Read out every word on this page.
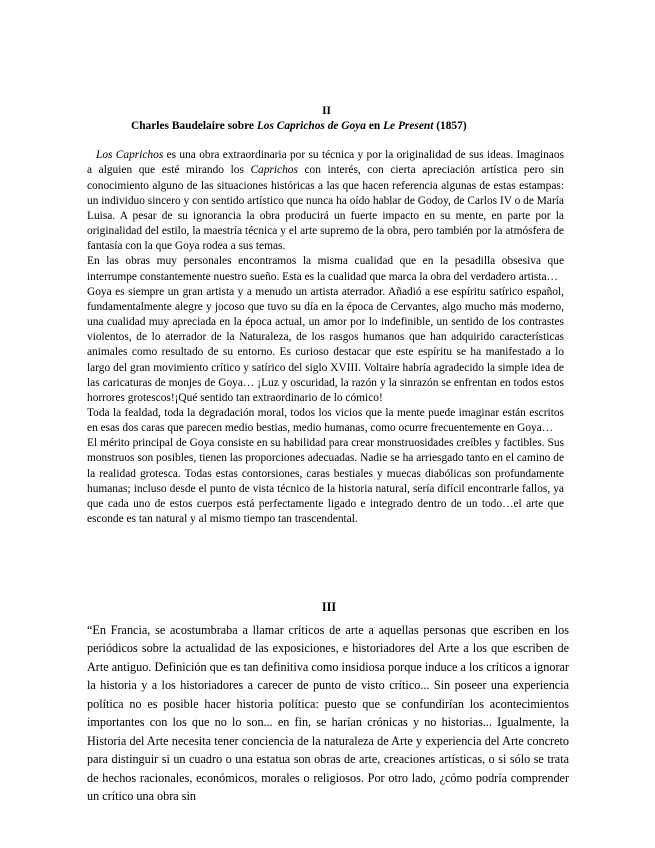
II

Charles Baudelaire sobre Los Caprichos de Goya en Le Present (1857)

Los Caprichos es una obra extraordinaria por su técnica y por la originalidad de sus ideas. Imaginaos a alguien que esté mirando los Caprichos con interés, con cierta apreciación artística pero sin conocimiento alguno de las situaciones históricas a las que hacen referencia algunas de estas estampas: un individuo sincero y con sentido artístico que nunca ha oído hablar de Godoy, de Carlos IV o de María Luisa. A pesar de su ignorancia la obra producirá un fuerte impacto en su mente, en parte por la originalidad del estilo, la maestría técnica y el arte supremo de la obra, pero también por la atmósfera de fantasía con la que Goya rodea a sus temas.

En las obras muy personales encontramos la misma cualidad que en la pesadilla obsesiva que interrumpe constantemente nuestro sueño. Esta es la cualidad que marca la obra del verdadero artista…

Goya es siempre un gran artista y a menudo un artista aterrador. Añadió a ese espíritu satírico español, fundamentalmente alegre y jocoso que tuvo su día en la época de Cervantes, algo mucho más moderno, una cualidad muy apreciada en la época actual, un amor por lo indefinible, un sentido de los contrastes violentos, de lo aterrador de la Naturaleza, de los rasgos humanos que han adquirido características animales como resultado de su entorno. Es curioso destacar que este espíritu se ha manifestado a lo largo del gran movimiento crítico y satírico del siglo XVIII. Voltaire habría agradecido la simple idea de las caricaturas de monjes de Goya… ¡Luz y oscuridad, la razón y la sinrazón se enfrentan en todos estos horrores grotescos!¡Qué sentido tan extraordinario de lo cómico!

Toda la fealdad, toda la degradación moral, todos los vicios que la mente puede imaginar están escritos en esas dos caras que parecen medio bestias, medio humanas, como ocurre frecuentemente en Goya…

El mérito principal de Goya consiste en su habilidad para crear monstruosidades creíbles y factibles. Sus monstruos son posibles, tienen las proporciones adecuadas. Nadie se ha arriesgado tanto en el camino de la realidad grotesca. Todas estas contorsiones, caras bestiales y muecas diabólicas son profundamente humanas; incluso desde el punto de vista técnico de la historia natural, sería difícil encontrarle fallos, ya que cada uno de estos cuerpos está perfectamente ligado e integrado dentro de un todo…el arte que esconde es tan natural y al mismo tiempo tan trascendental.

III

“En Francia, se acostumbraba a llamar críticos de arte a aquellas personas que escriben en los periódicos sobre la actualidad de las exposiciones, e historiadores del Arte a los que escriben de Arte antiguo. Definición que es tan definitiva como insidiosa porque induce a los críticos a ignorar la historia y a los historiadores a carecer de punto de visto crítico... Sin poseer una experiencia política no es posible hacer historia política: puesto que se confundirían los acontecimientos importantes con los que no lo son... en fin, se harían crónicas y no historias... Igualmente, la Historia del Arte necesita tener conciencia de la naturaleza de Arte y experiencia del Arte concreto para distinguir si un cuadro o una estatua son obras de arte, creaciones artísticas, o si sólo se trata de hechos racionales, económicos, morales o religiosos. Por otro lado, ¿cómo podría comprender un crítico una obra sin
